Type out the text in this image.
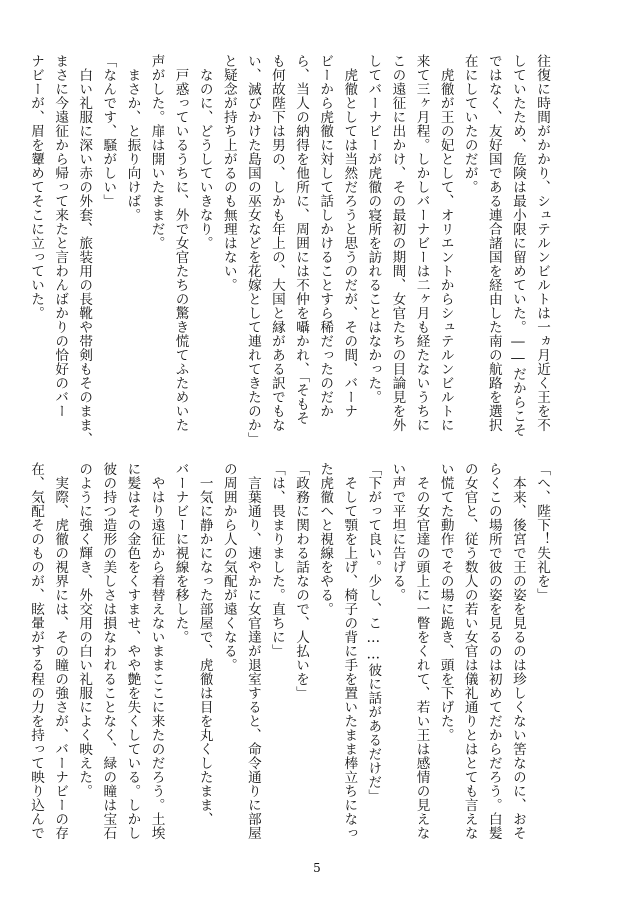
往復に時間がかかり、シュテルンビルトは一ヵ月近く王を不
していたため、危険は最小限に留めていた。――だからこそ
ではなく、友好国である連合諸国を経由した南の航路を選択
在にしていたのだが。
　虎徹が王の妃として、オリエントからシュテルンビルトに
来て三ヶ月程。しかしバーナビーは二ヶ月も経たないうちに
この遠征に出かけ、その最初の期間、女官たちの目論見を外
してバーナビーが虎徹の寝所を訪れることはなかった。
　虎徹としては当然だろうと思うのだが、その間、バーナ
ビーから虎徹に対して話しかけることすら稀だったのだか
ら、当人の納得を他所に、周囲には不仲を囁かれ、「そもそ
も何故陛下は男の、しかも年上の、大国と縁がある訳でもな
い、滅びかけた島国の巫女などを花嫁として連れてきたのか」
と疑念が持ち上がるのも無理はない。
　なのに、どうしていきなり。
　戸惑っているうちに、外で女官たちの驚き慌てふためいた
声がした。扉は開いたままだ。
　まさか、と振り向けば。
「なんです、騒がしい」
　白い礼服に深い赤の外套、旅装用の長靴や帯剣もそのまま、
まさに今遠征から帰って来たと言わんばかりの恰好のバー
ナビーが、眉を顰めてそこに立っていた。
「へ、陛下！失礼を」
　本来、後宮で王の姿を見るのは珍しくない筈なのに、おそ
らくこの場所で彼の姿を見るのは初めてだからだろう。白髪
の女官と、従う数人の若い女官は儀礼通りとはとても言えな
い慌てた動作でその場に跪き、頭を下げた。
　その女官達の頭上に一瞥をくれて、若い王は感情の見えな
い声で平坦に告げる。
「下がって良い。少し、こ……彼に話があるだけだ」
　そして顎を上げ、椅子の背に手を置いたまま棒立ちになっ
た虎徹へと視線をやる。
「政務に関わる話なので、人払いを」
「は、畏まりました。直ちに」
　言葉通り、速やかに女官達が退室すると、命令通りに部屋
の周囲から人の気配が遠くなる。
　一気に静かになった部屋で、虎徹は目を丸くしたまま、
バーナビーに視線を移した。
　やはり遠征から着替えないままここに来たのだろう。土埃
に髪はその金色をくすませ、やや艶を失くしている。しかし
彼の持つ造形の美しさは損なわれることなく、緑の瞳は宝石
のように強く輝き、外交用の白い礼服によく映えた。
　実際、虎徹の視界には、その瞳の強さが、バーナビーの存
在、気配そのものが、眩暈がする程の力を持って映り込んで
5
